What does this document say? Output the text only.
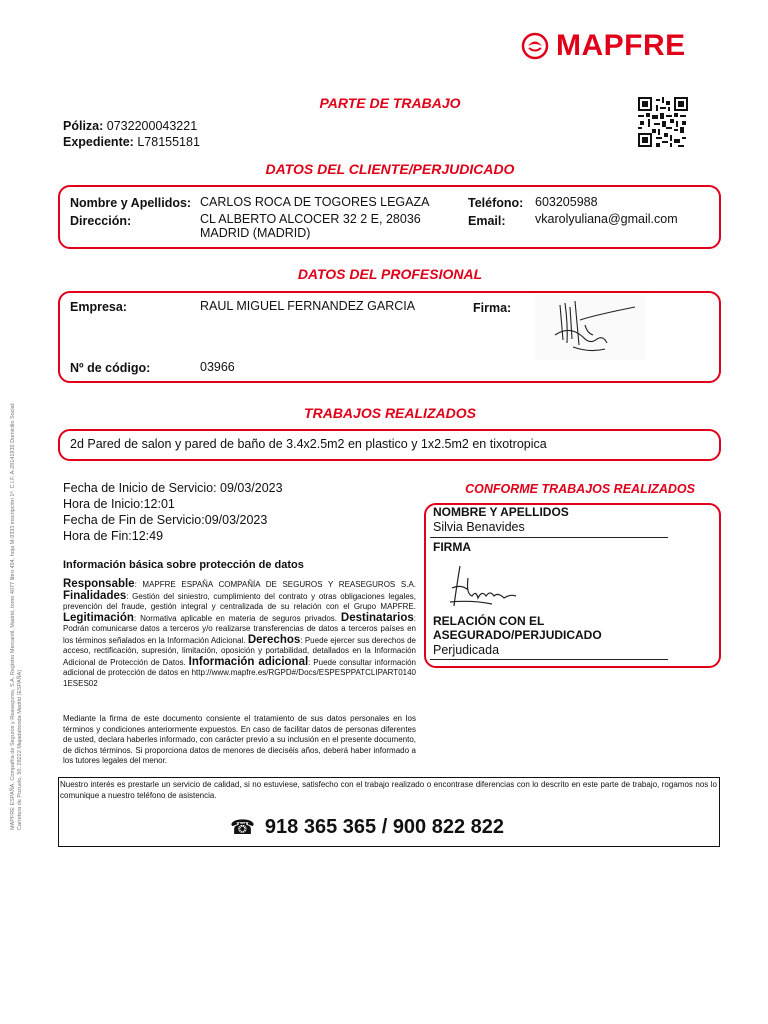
MAPFRE
PARTE DE TRABAJO
Póliza: 0732200043221
Expediente: L78155181
DATOS DEL CLIENTE/PERJUDICADO
Nombre y Apellidos: CARLOS ROCA DE TOGORES LEGAZA
Dirección:	CL ALBERTO ALCOCER 32 2 E, 28036
MADRID (MADRID)
Teléfono: 603205988
Email: vkarolyuliana@gmail.com
DATOS DEL PROFESIONAL
Empresa:	RAUL MIGUEL FERNANDEZ GARCIA	Firma:
Nº de código:	03966
TRABAJOS REALIZADOS
2d Pared de salon y pared de baño de 3.4x2.5m2 en plastico y 1x2.5m2 en tixotropica
Fecha de Inicio de Servicio: 09/03/2023
Hora de Inicio:12:01
Fecha de Fin de Servicio:09/03/2023
Hora de Fin:12:49
CONFORME TRABAJOS REALIZADOS
NOMBRE Y APELLIDOS
Silvia Benavides
FIRMA
RELACIÓN CON EL
ASEGURADO/PERJUDICADO
Perjudicada
Información básica sobre protección de datos
Responsable: MAPFRE ESPAÑA COMPAÑÍA DE SEGUROS Y REASEGUROS S.A. Finalidades: Gestión del siniestro, cumplimiento del contrato y otras obligaciones legales, prevención del fraude, gestión integral y centralizada de su relación con el Grupo MAPFRE. Legitimación: Normativa aplicable en materia de seguros privados. Destinatarios: Podrán comunicarse datos a terceros y/o realizarse transferencias de datos a terceros países en los términos señalados en la Información Adicional. Derechos: Puede ejercer sus derechos de acceso, rectificación, supresión, limitación, oposición y portabilidad, detallados en la Información Adicional de Protección de Datos. Información adicional: Puede consultar información adicional de protección de datos en http://www.mapfre.es/RGPD#/Docs/ESPESPPATCLIPART01401ESES02
Mediante la firma de este documento consiente el tratamiento de sus datos personales en los términos y condiciones anteriormente expuestos. En caso de facilitar datos de personas diferentes de usted, declara haberles informado, con carácter previo a su inclusión en el presente documento, de dichos términos. Si proporciona datos de menores de dieciséis años, deberá haber informado a los tutores legales del menor.
Nuestro interés es prestarle un servicio de calidad, si no estuviese, satisfecho con el trabajo realizado o encontrase diferencias con lo descrito en este parte de trabajo, rogamos nos lo comunique a nuestro teléfono de asistencia.
☎ 918 365 365 / 900 822 822
MAPFRE ESPAÑA, Compañía de Seguros y Reaseguros, S.A. Registro Mercantil, Madrid, tomo 4077 libro 454, hoja M-9333 inscripción 1ª. C.I.F. A-28141935 Domicilio Social: Carretera de Pozuelo, 50. 28222 Majadahonda Madrid (ESPAÑA)
